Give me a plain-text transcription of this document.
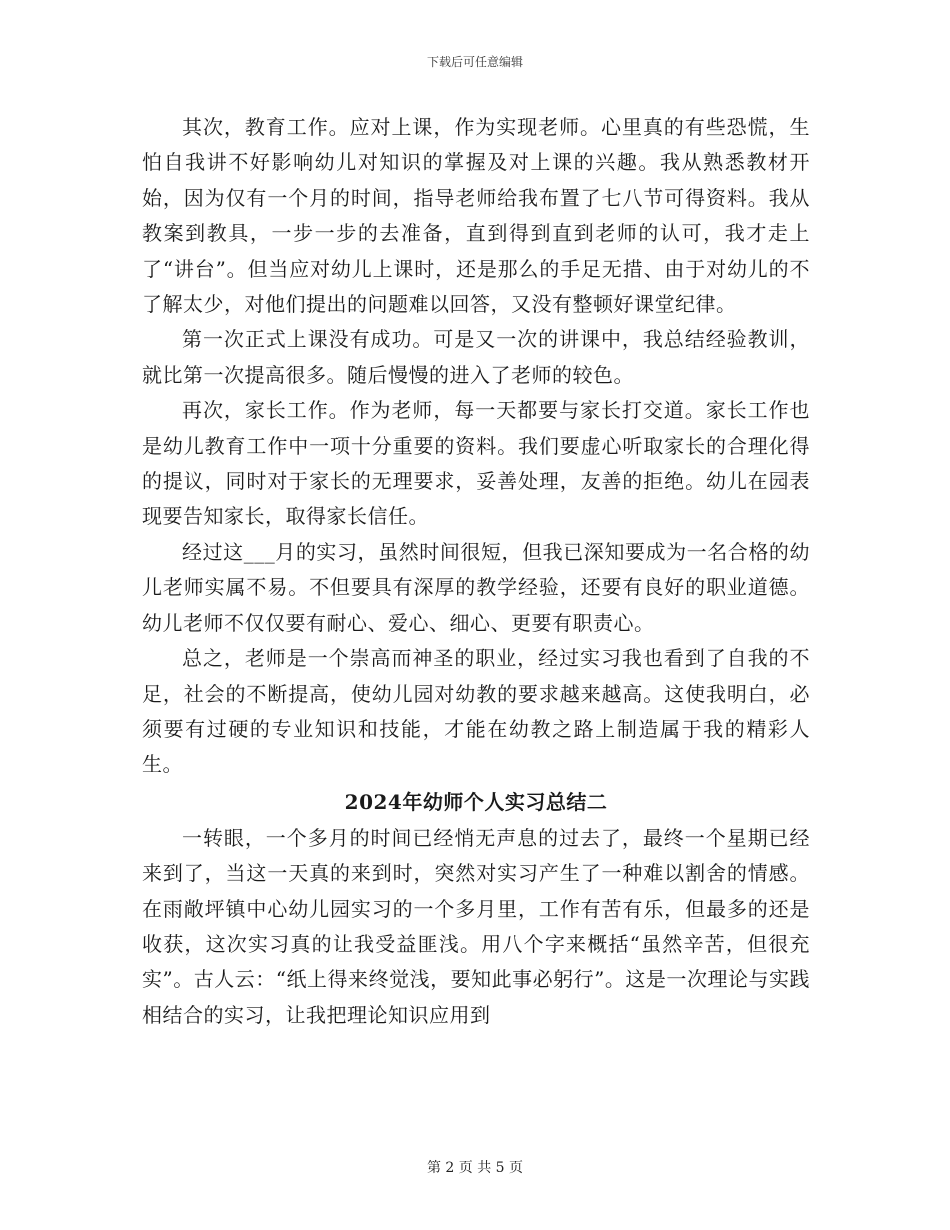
下载后可任意编辑

其次，教育工作。应对上课，作为实现老师。心里真的有些恐慌，生怕自我讲不好影响幼儿对知识的掌握及对上课的兴趣。我从熟悉教材开始，因为仅有一个月的时间，指导老师给我布置了七八节可得资料。我从教案到教具，一步一步的去准备，直到得到直到老师的认可，我才走上了“讲台”。但当应对幼儿上课时，还是那么的手足无措、由于对幼儿的不了解太少，对他们提出的问题难以回答，又没有整顿好课堂纪律。

第一次正式上课没有成功。可是又一次的讲课中，我总结经验教训，就比第一次提高很多。随后慢慢的进入了老师的较色。

再次，家长工作。作为老师，每一天都要与家长打交道。家长工作也是幼儿教育工作中一项十分重要的资料。我们要虚心听取家长的合理化得的提议，同时对于家长的无理要求，妥善处理，友善的拒绝。幼儿在园表现要告知家长，取得家长信任。

经过这___月的实习，虽然时间很短，但我已深知要成为一名合格的幼儿老师实属不易。不但要具有深厚的教学经验，还要有良好的职业道德。幼儿老师不仅仅要有耐心、爱心、细心、更要有职责心。

总之，老师是一个崇高而神圣的职业，经过实习我也看到了自我的不足，社会的不断提高，使幼儿园对幼教的要求越来越高。这使我明白，必须要有过硬的专业知识和技能，才能在幼教之路上制造属于我的精彩人生。

2024年幼师个人实习总结二

一转眼，一个多月的时间已经悄无声息的过去了，最终一个星期已经来到了，当这一天真的来到时，突然对实习产生了一种难以割舍的情感。在雨敞坪镇中心幼儿园实习的一个多月里，工作有苦有乐，但最多的还是收获，这次实习真的让我受益匪浅。用八个字来概括“虽然辛苦，但很充实”。古人云：“纸上得来终觉浅，要知此事必躬行”。这是一次理论与实践相结合的实习，让我把理论知识应用到

第 2 页 共 5 页
